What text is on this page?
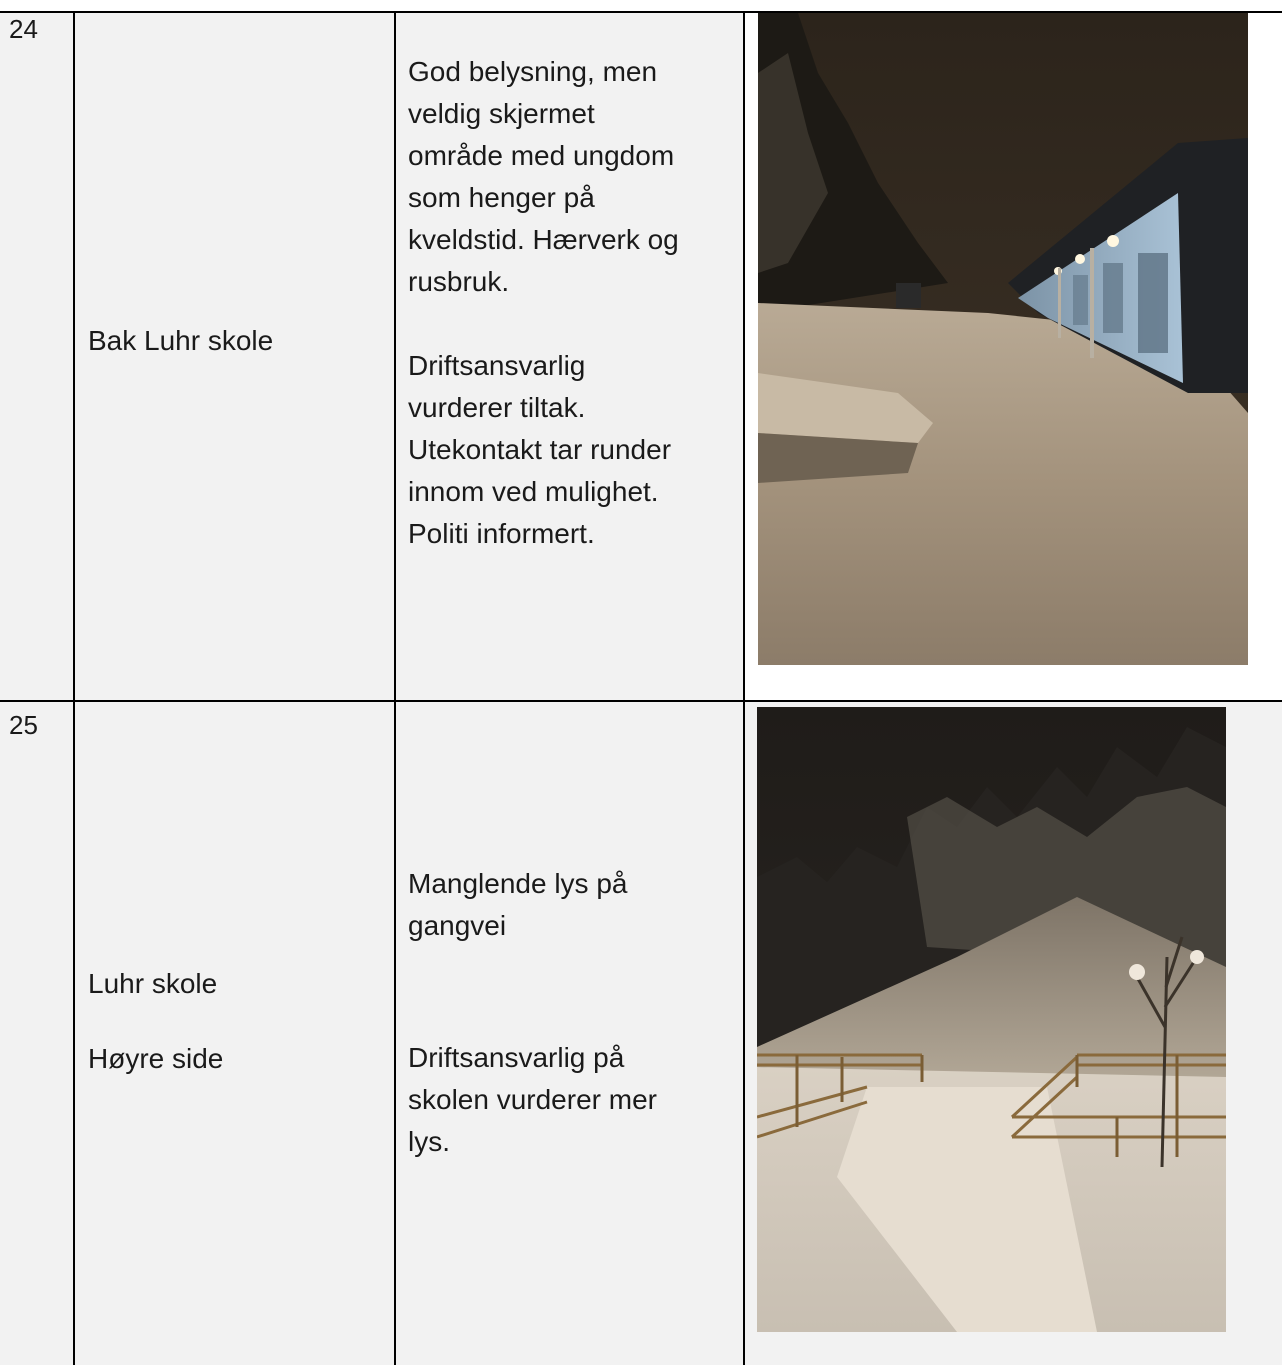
24
Bak Luhr skole
God belysning, men
veldig skjermet
område med ungdom
som henger på
kveldstid. Hærverk og
rusbruk.
Driftsansvarlig
vurderer tiltak.
Utekontakt tar runder
innom ved mulighet.
Politi informert.
25
Luhr skole
Høyre side
Manglende lys på
gangvei
Driftsansvarlig på
skolen vurderer mer
lys.
